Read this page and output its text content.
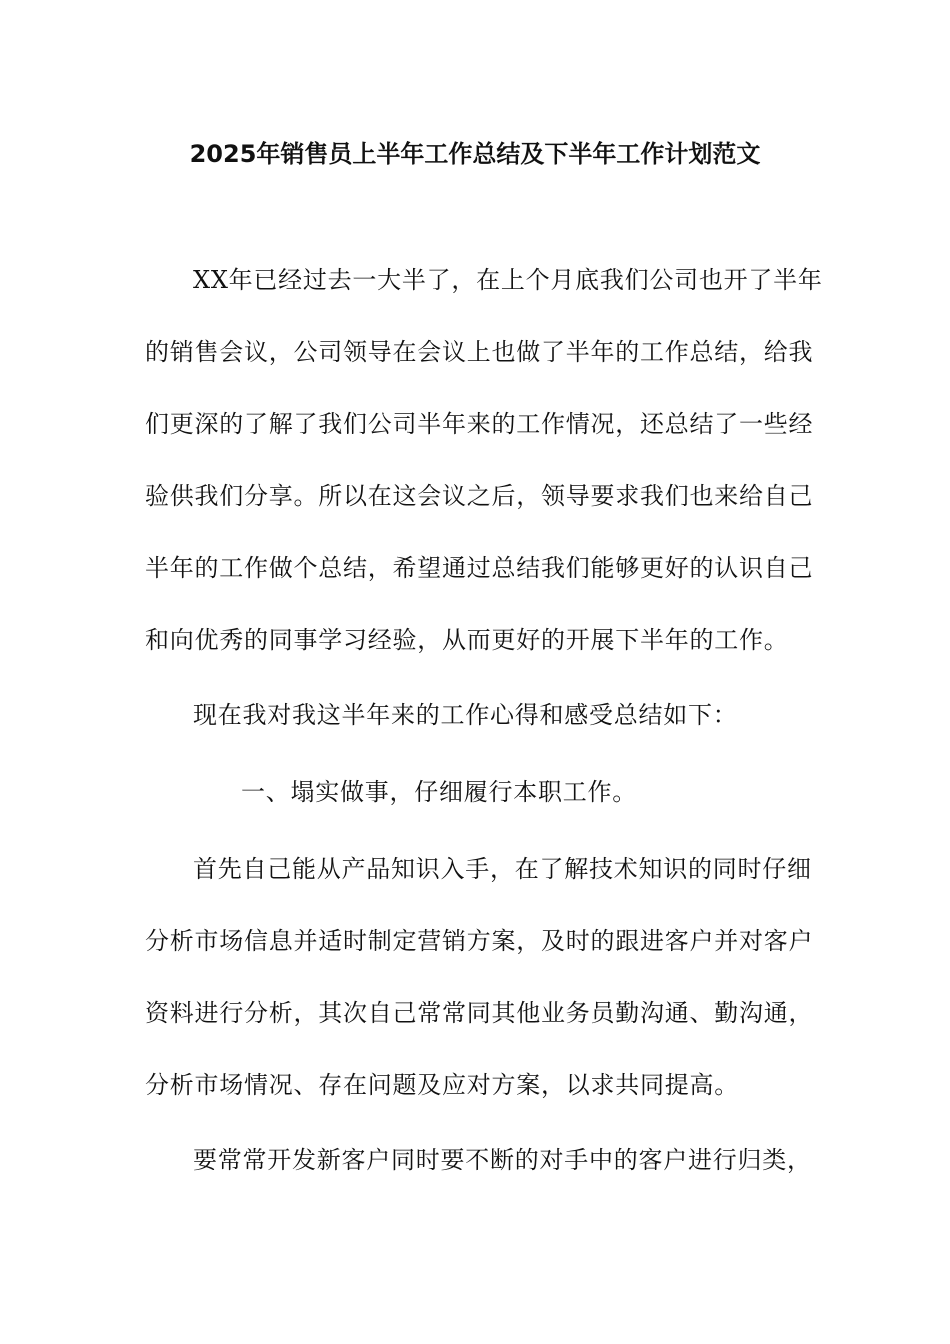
2025年销售员上半年工作总结及下半年工作计划范文
XX年已经过去一大半了，在上个月底我们公司也开了半年
的销售会议，公司领导在会议上也做了半年的工作总结，给我
们更深的了解了我们公司半年来的工作情况，还总结了一些经
验供我们分享。所以在这会议之后，领导要求我们也来给自己
半年的工作做个总结，希望通过总结我们能够更好的认识自己
和向优秀的同事学习经验，从而更好的开展下半年的工作。
现在我对我这半年来的工作心得和感受总结如下：
一、塌实做事，仔细履行本职工作。
首先自己能从产品知识入手，在了解技术知识的同时仔细
分析市场信息并适时制定营销方案，及时的跟进客户并对客户
资料进行分析，其次自己常常同其他业务员勤沟通、勤沟通，
分析市场情况、存在问题及应对方案，以求共同提高。
要常常开发新客户同时要不断的对手中的客户进行归类，
